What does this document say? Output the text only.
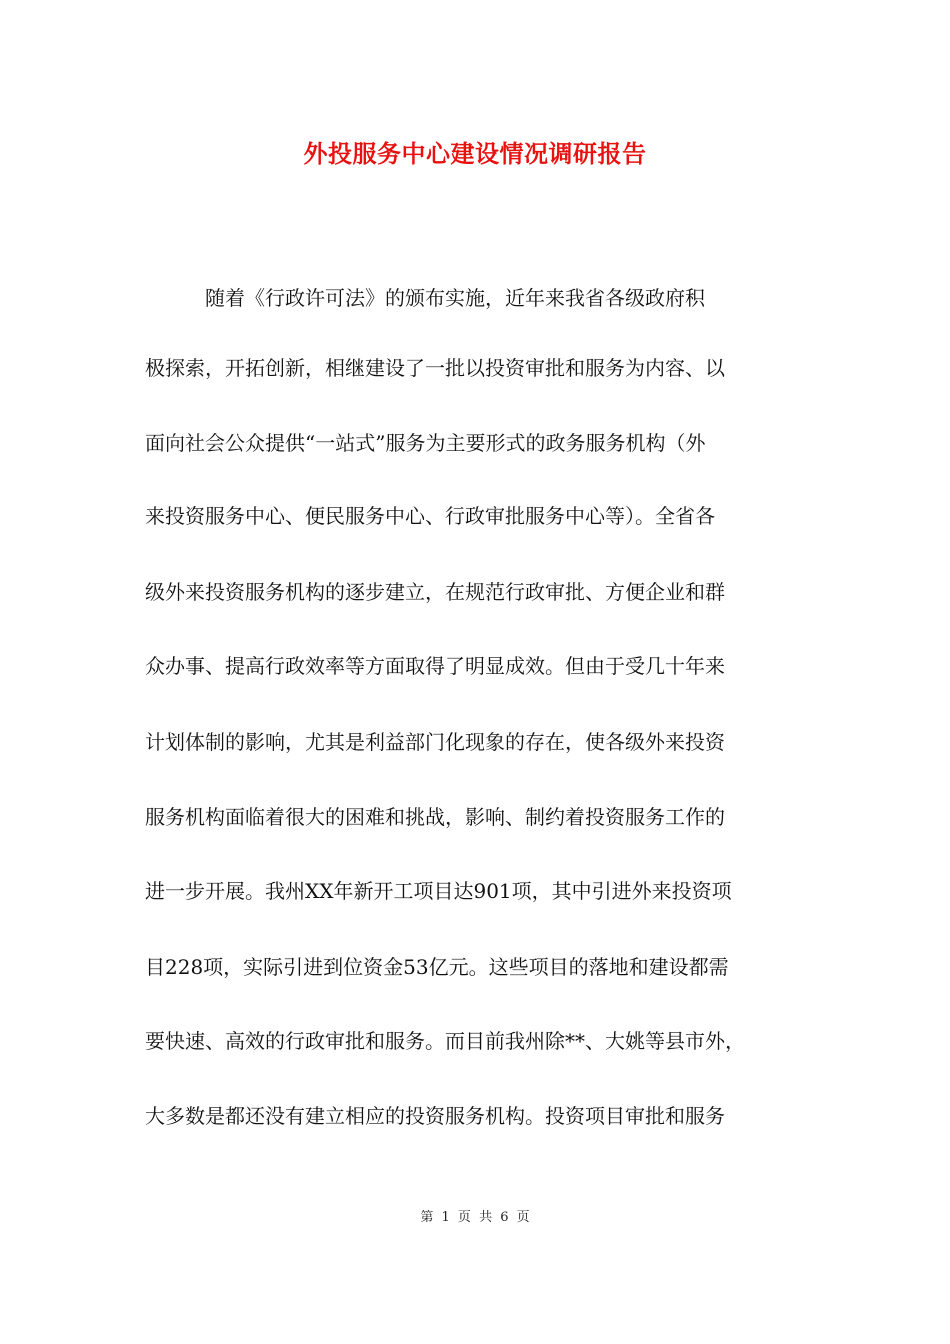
外投服务中心建设情况调研报告
随着《行政许可法》的颁布实施，近年来我省各级政府积
极探索，开拓创新，相继建设了一批以投资审批和服务为内容、以
面向社会公众提供“一站式”服务为主要形式的政务服务机构（外
来投资服务中心、便民服务中心、行政审批服务中心等）。全省各
级外来投资服务机构的逐步建立，在规范行政审批、方便企业和群
众办事、提高行政效率等方面取得了明显成效。但由于受几十年来
计划体制的影响，尤其是利益部门化现象的存在，使各级外来投资
服务机构面临着很大的困难和挑战，影响、制约着投资服务工作的
进一步开展。我州XX年新开工项目达901项，其中引进外来投资项
目228项，实际引进到位资金53亿元。这些项目的落地和建设都需
要快速、高效的行政审批和服务。而目前我州除**、大姚等县市外，
大多数是都还没有建立相应的投资服务机构。投资项目审批和服务
第 1 页 共 6 页
